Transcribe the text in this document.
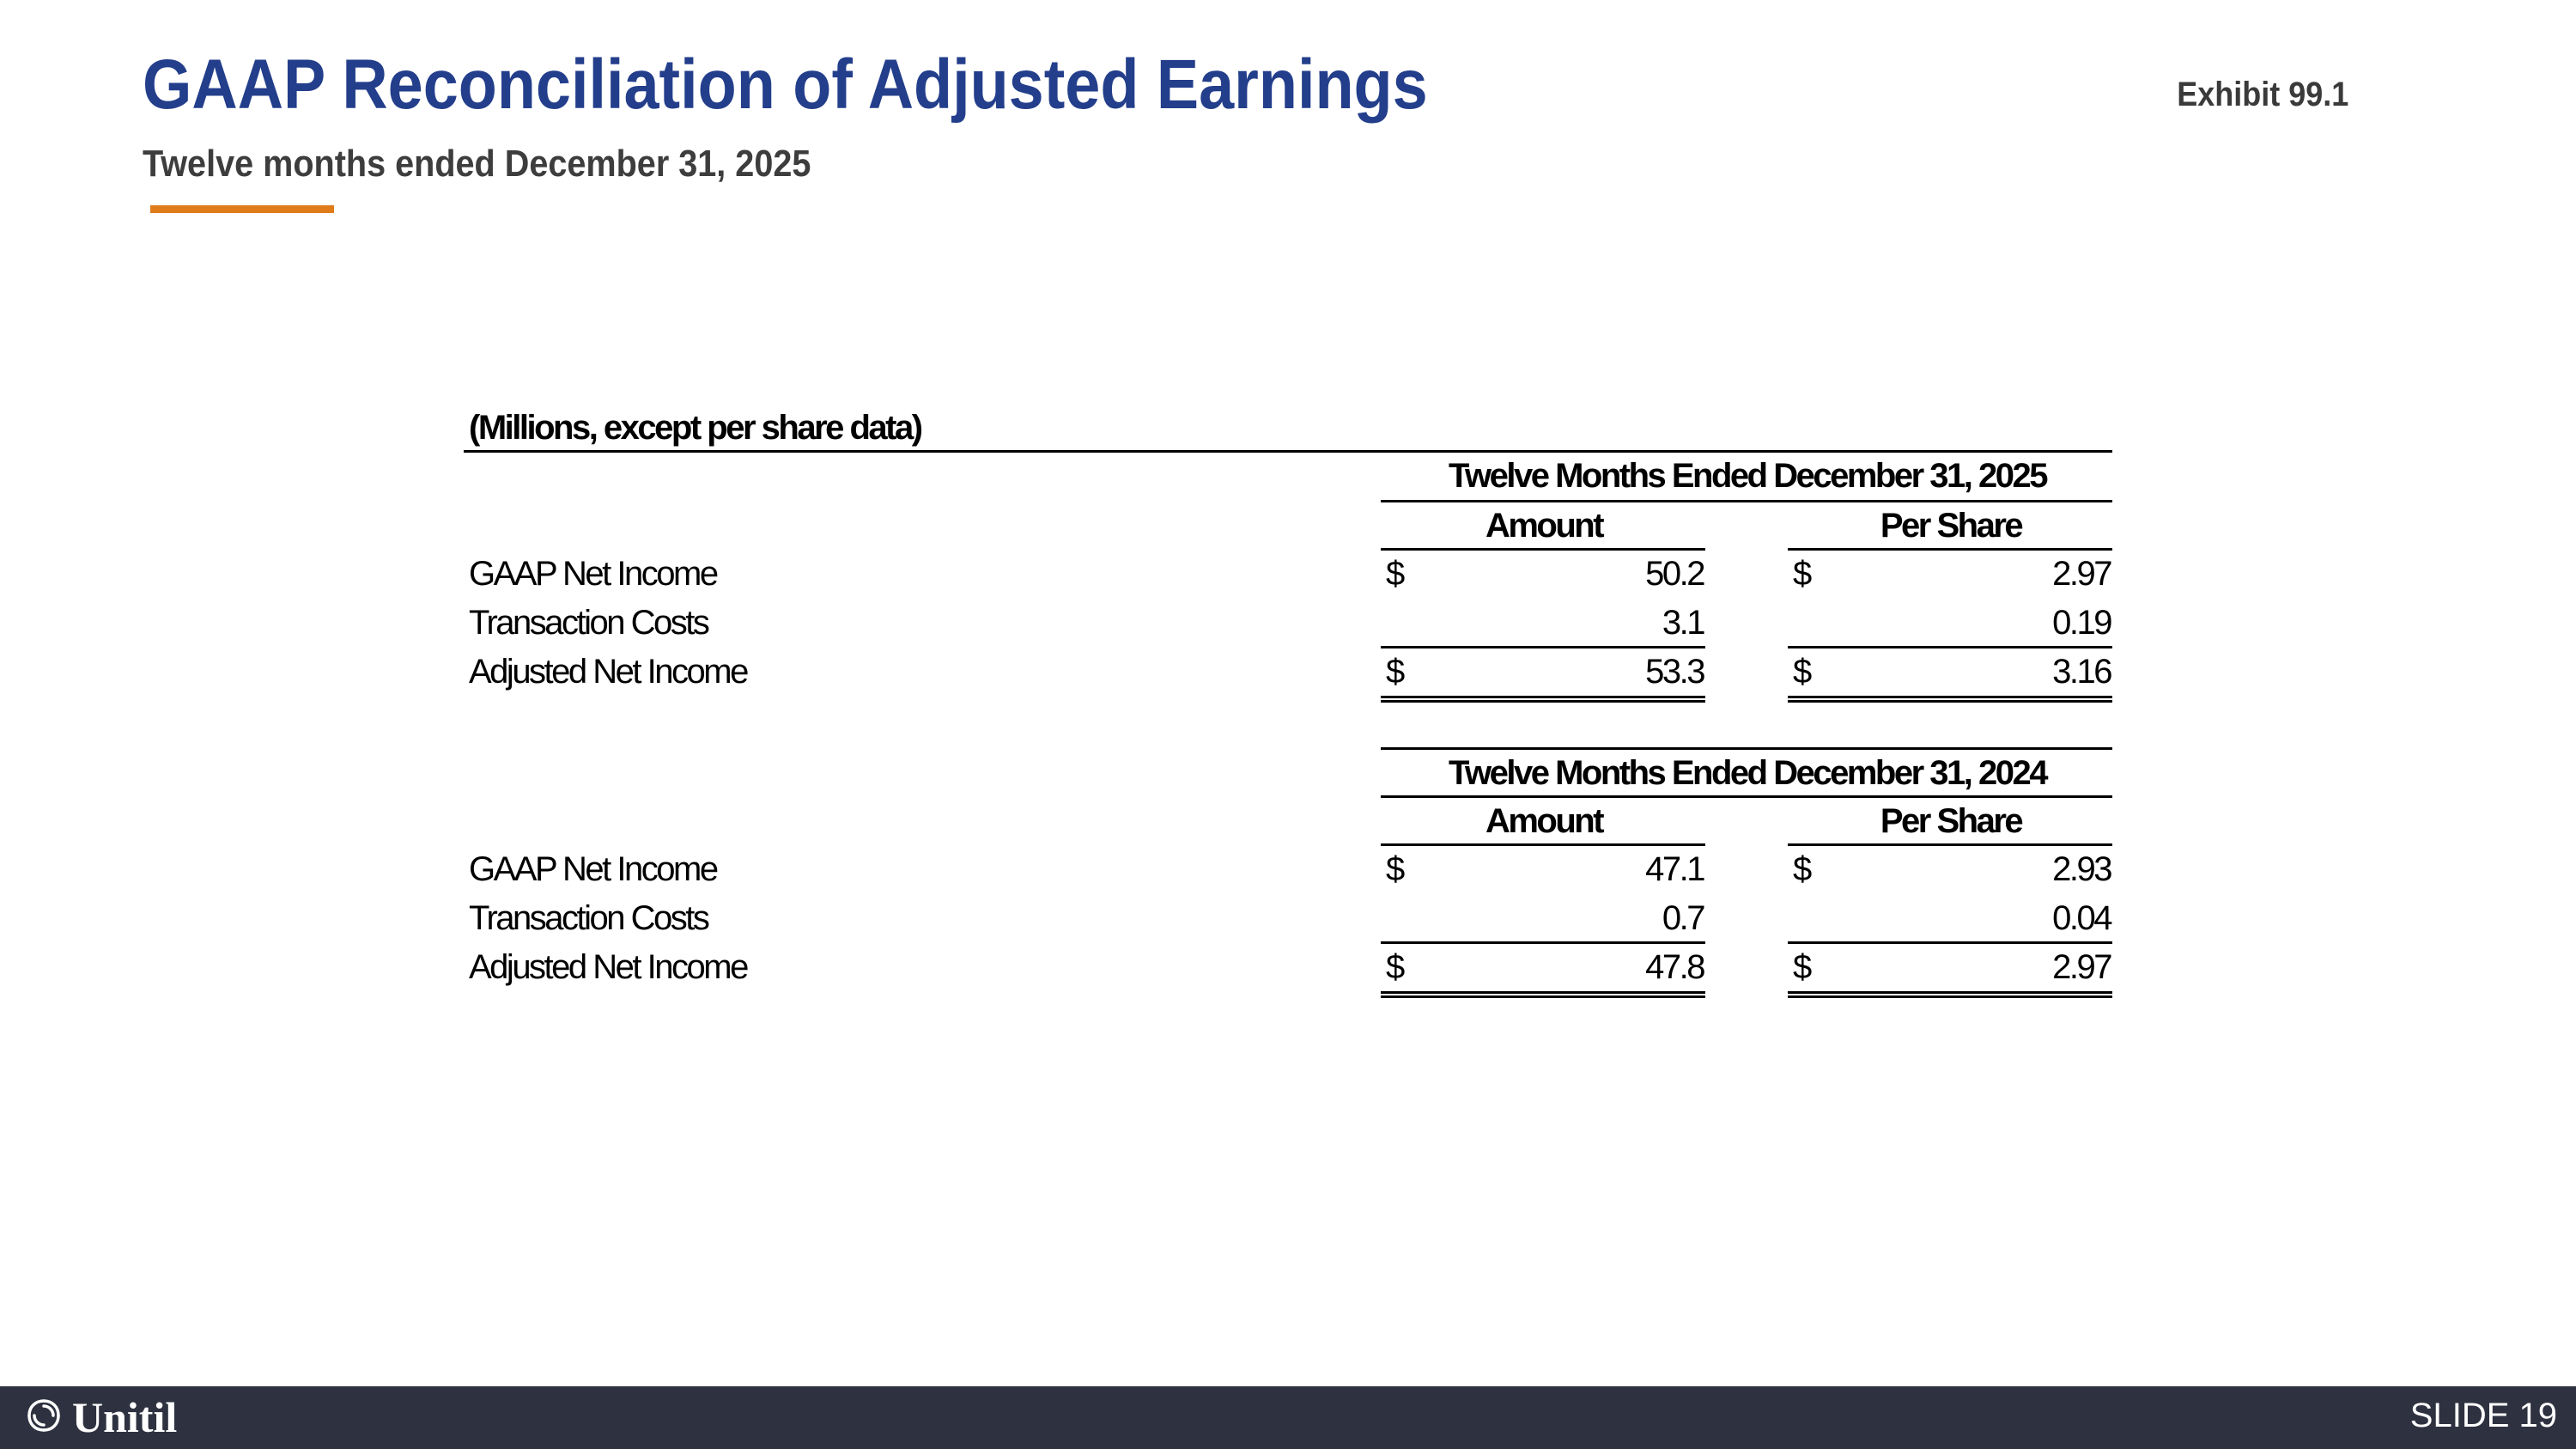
GAAP Reconciliation of Adjusted Earnings	Exhibit 99.1
Twelve months ended December 31, 2025
(Millions, except per share data)
Twelve Months Ended December 31, 2025
Amount	Per Share
GAAP Net Income	$	50.2	$	2.97
Transaction Costs	3.1	0.19
Adjusted Net Income	$	53.3	$	3.16
Twelve Months Ended December 31, 2024
Amount	Per Share
GAAP Net Income	$	47.1	$	2.93
Transaction Costs	0.7	0.04
Adjusted Net Income	$	47.8	$	2.97
Unitil	SLIDE 19
